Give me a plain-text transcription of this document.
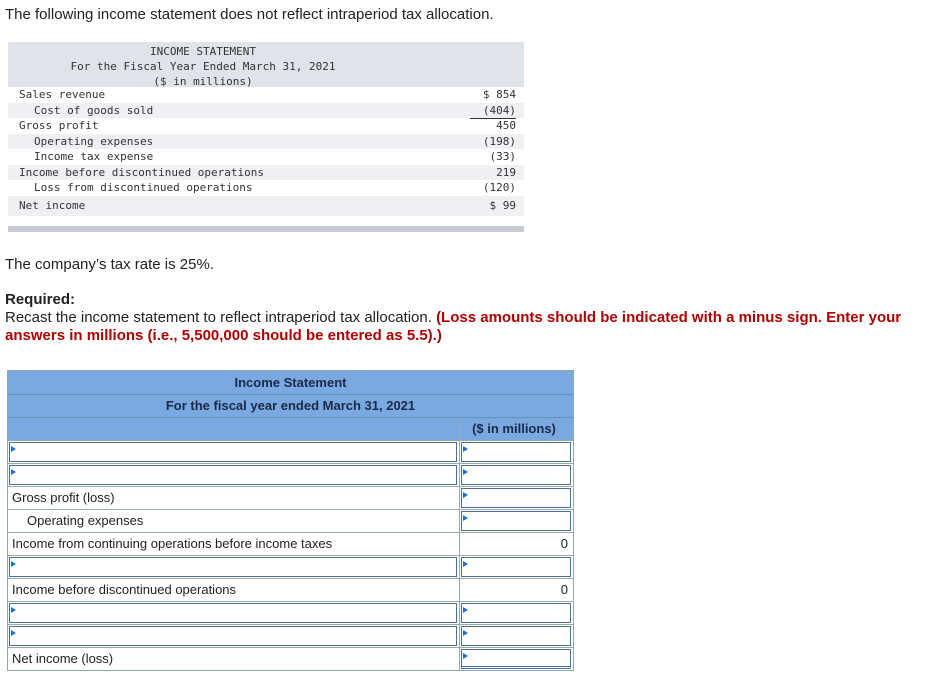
The following income statement does not reflect intraperiod tax allocation.
INCOME STATEMENT
For the Fiscal Year Ended March 31, 2021
($ in millions)
Sales revenue	$ 854
Cost of goods sold	(404)
Gross profit	450
Operating expenses	(198)
Income tax expense	(33)
Income before discontinued operations	219
Loss from discontinued operations	(120)
Net income	$ 99
The company’s tax rate is 25%.
Required:
Recast the income statement to reflect intraperiod tax allocation. (Loss amounts should be indicated with a minus sign. Enter your answers in millions (i.e., 5,500,000 should be entered as 5.5).)
Income Statement
For the fiscal year ended March 31, 2021
($ in millions)
Gross profit (loss)
Operating expenses
Income from continuing operations before income taxes	0
Income before discontinued operations	0
Net income (loss)
